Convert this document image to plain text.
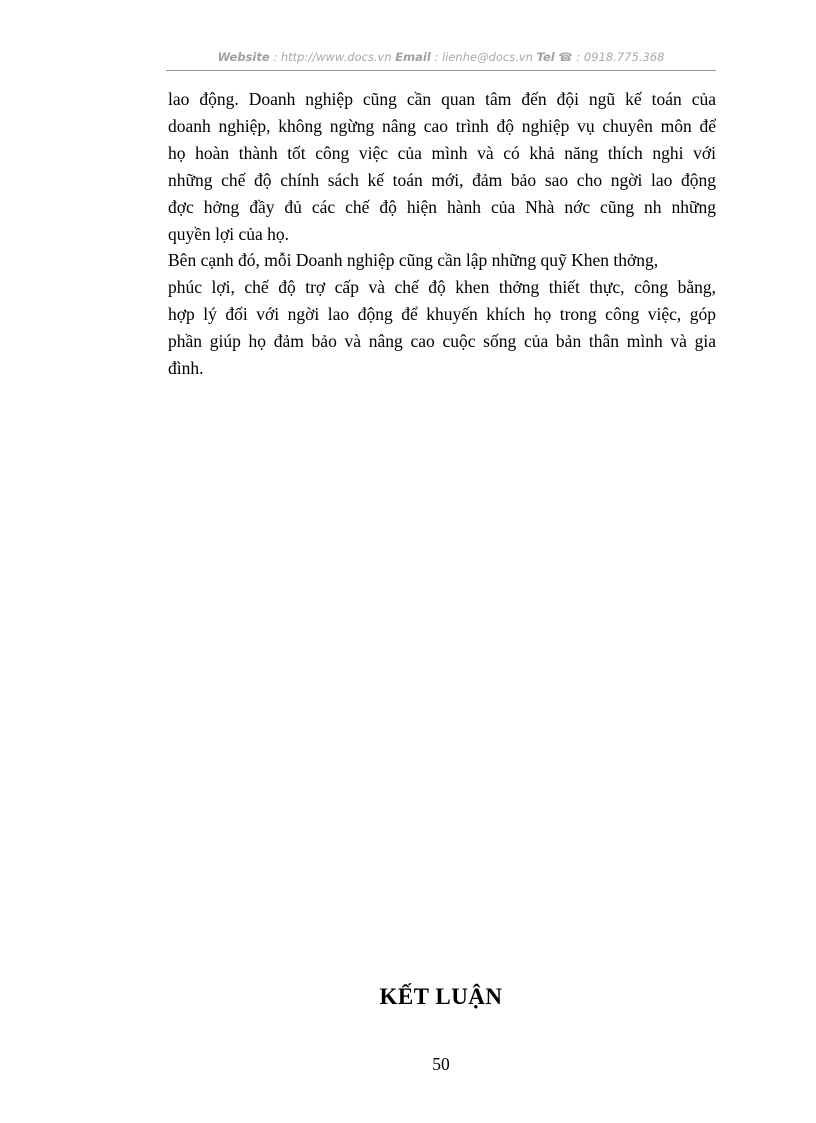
Website : http://www.docs.vn Email : lienhe@docs.vn Tel ☎ : 0918.775.368
lao động. Doanh nghiệp cũng cần quan tâm đến đội ngũ kế toán của
doanh nghiệp, không ngừng nâng cao trình độ nghiệp vụ chuyên môn để
họ hoàn thành tốt công việc của mình và có khả năng thích nghi với
những chế độ chính sách kế toán mới, đảm bảo sao cho ngời lao động
đợc hởng đầy đủ các chế độ hiện hành của Nhà nớc cũng nh những
quyền lợi của họ.
Bên cạnh đó, mỗi Doanh nghiệp cũng cần lập những quỹ Khen thởng,
phúc lợi, chế độ trợ cấp và chế độ khen thởng thiết thực, công bằng,
hợp lý đối với ngời lao động để khuyến khích họ trong công việc, góp
phần giúp họ đảm bảo và nâng cao cuộc sống của bản thân mình và gia
đình.
KẾT LUẬN
50
